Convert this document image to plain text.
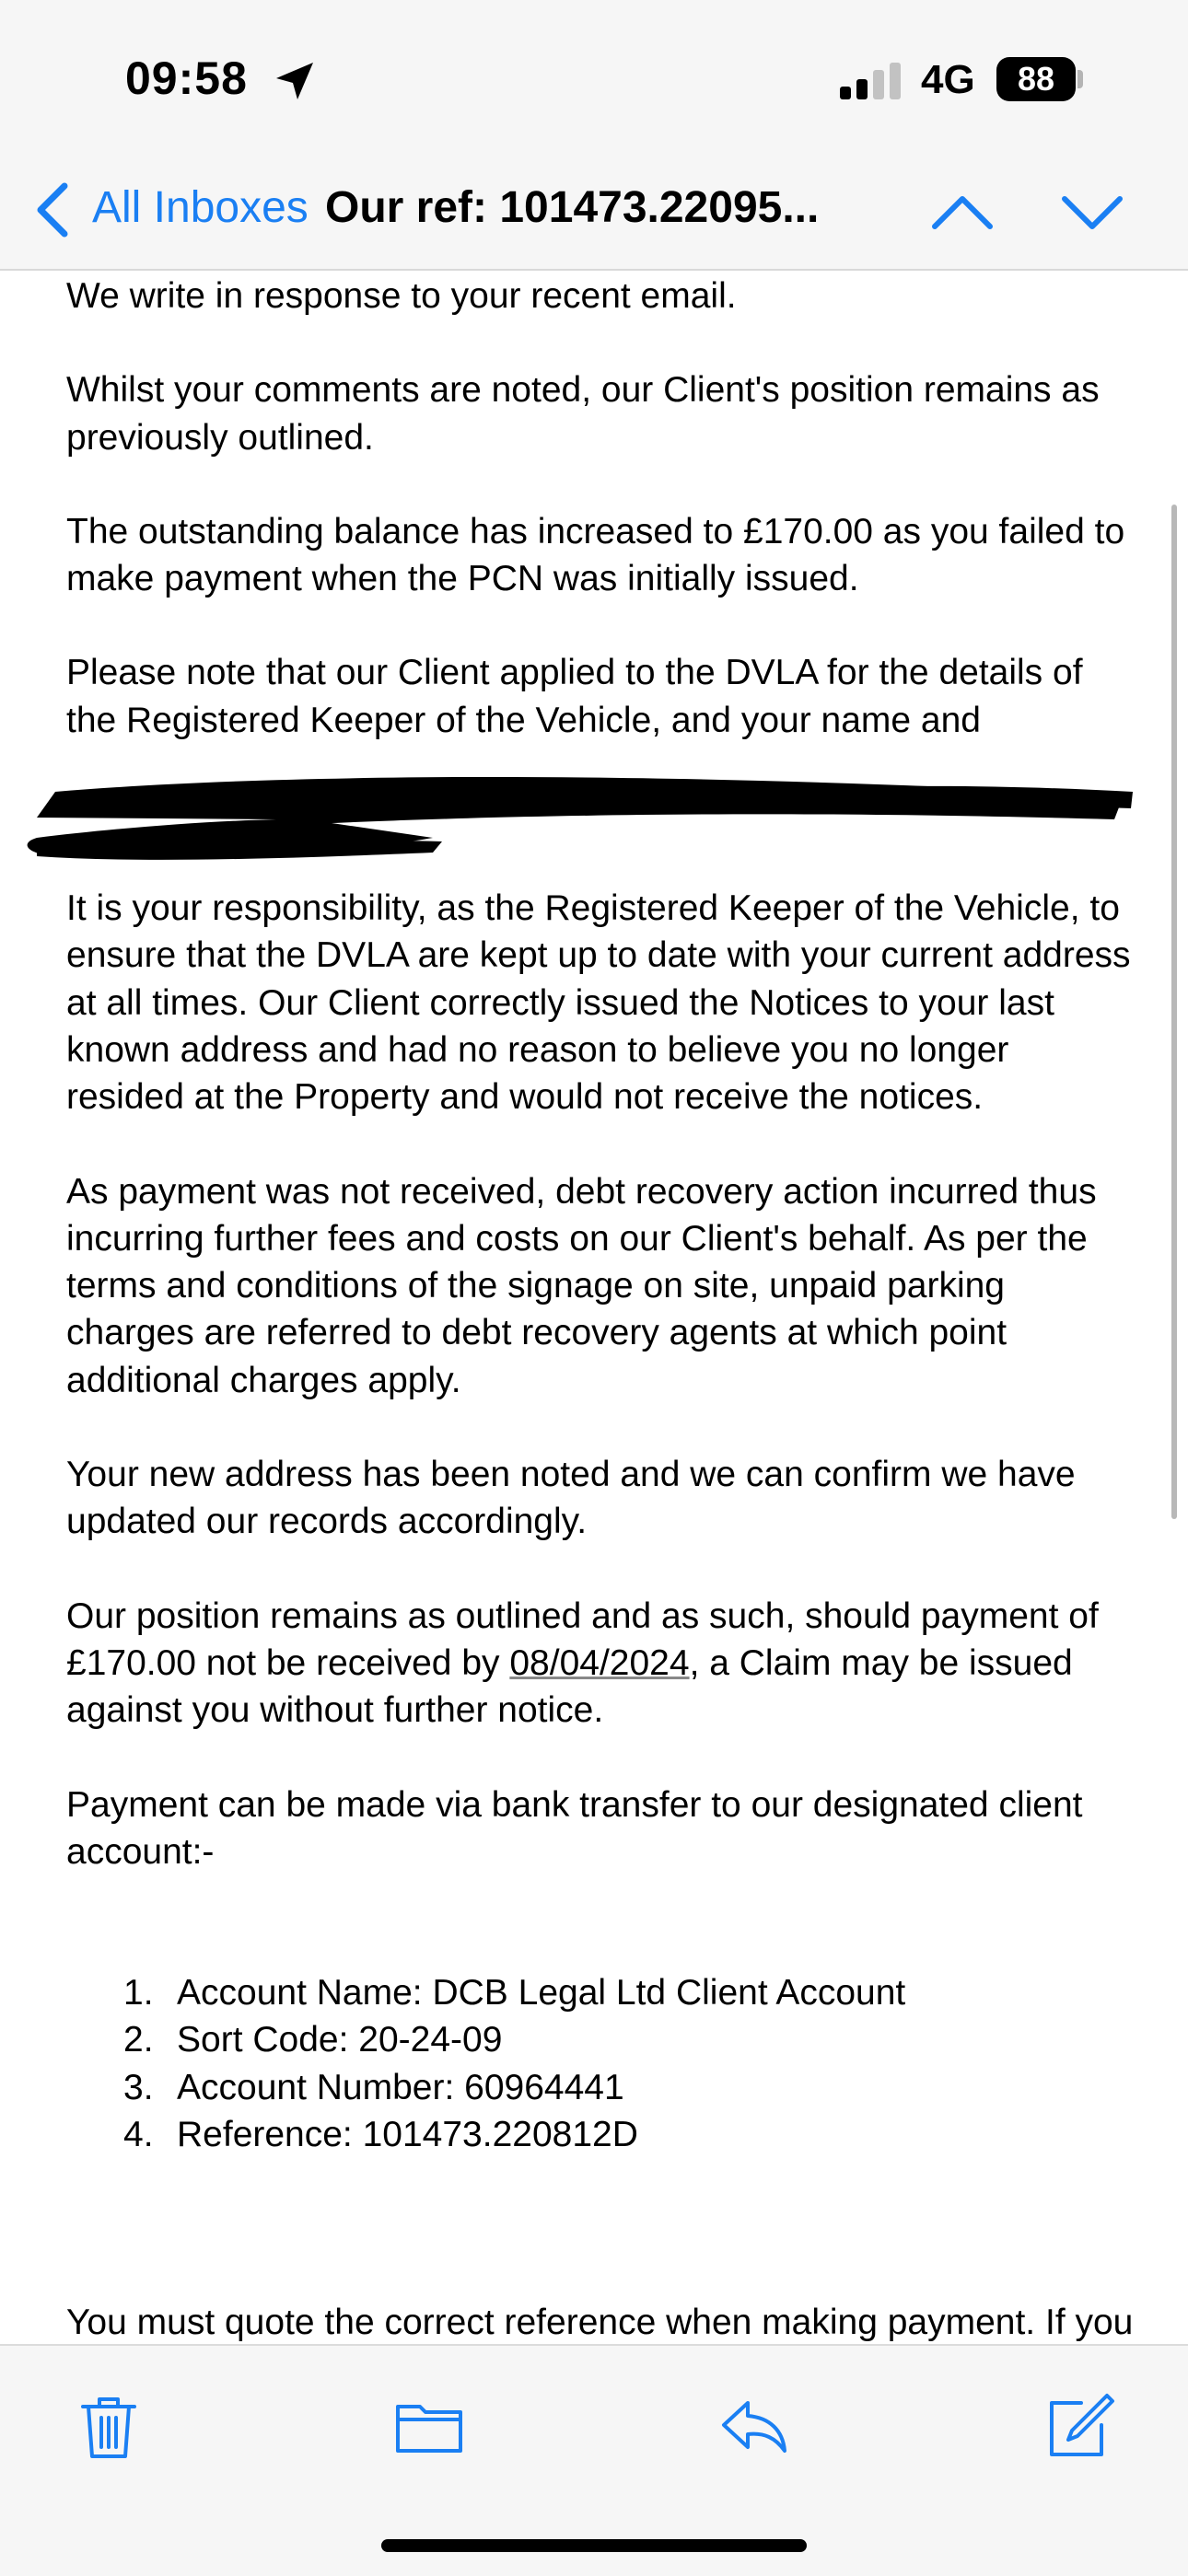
09:58	4G	88
All Inboxes Our ref: 101473.22095...

We write in response to your recent email.

Whilst your comments are noted, our Client's position remains as previously outlined.

The outstanding balance has increased to £170.00 as you failed to make payment when the PCN was initially issued.

Please note that our Client applied to the DVLA for the details of the Registered Keeper of the Vehicle, and your name and

It is your responsibility, as the Registered Keeper of the Vehicle, to ensure that the DVLA are kept up to date with your current address at all times. Our Client correctly issued the Notices to your last known address and had no reason to believe you no longer resided at the Property and would not receive the notices.

As payment was not received, debt recovery action incurred thus incurring further fees and costs on our Client's behalf. As per the terms and conditions of the signage on site, unpaid parking charges are referred to debt recovery agents at which point additional charges apply.

Your new address has been noted and we can confirm we have updated our records accordingly.

Our position remains as outlined and as such, should payment of £170.00 not be received by 08/04/2024, a Claim may be issued against you without further notice.

Payment can be made via bank transfer to our designated client account:-

1. Account Name: DCB Legal Ltd Client Account
2. Sort Code: 20-24-09
3. Account Number: 60964441
4. Reference: 101473.220812D

You must quote the correct reference when making payment. If you
